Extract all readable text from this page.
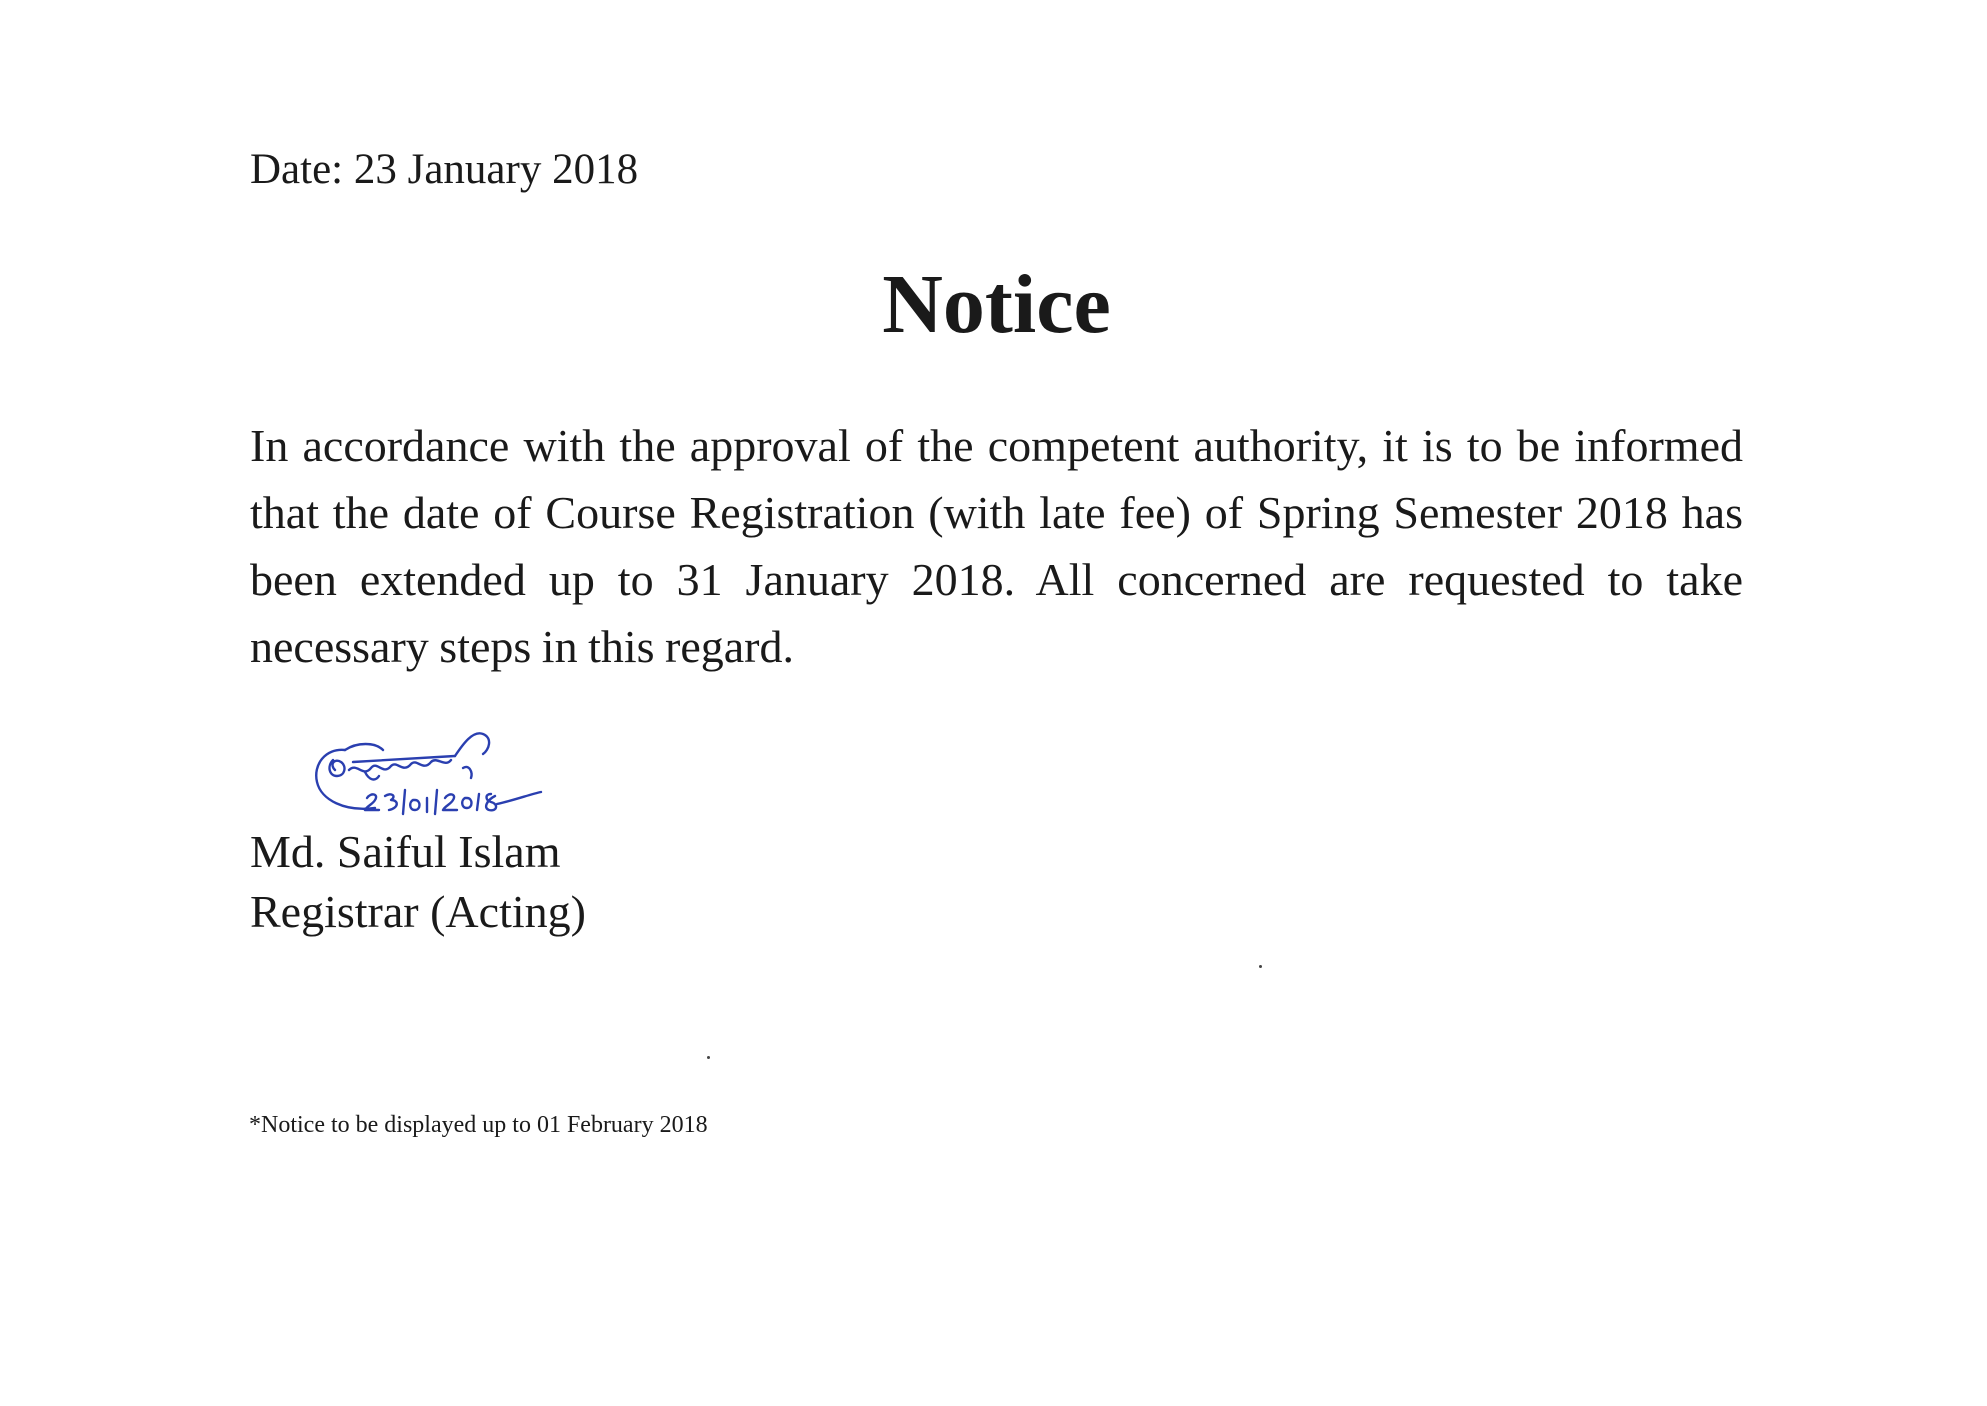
Date: 23 January 2018
Notice
In accordance with the approval of the competent authority, it is to be informed that the date of Course Registration (with late fee) of Spring Semester 2018 has been extended up to 31 January 2018. All concerned are requested to take necessary steps in this regard.
Md. Saiful Islam
Registrar (Acting)
*Notice to be displayed up to 01 February 2018
